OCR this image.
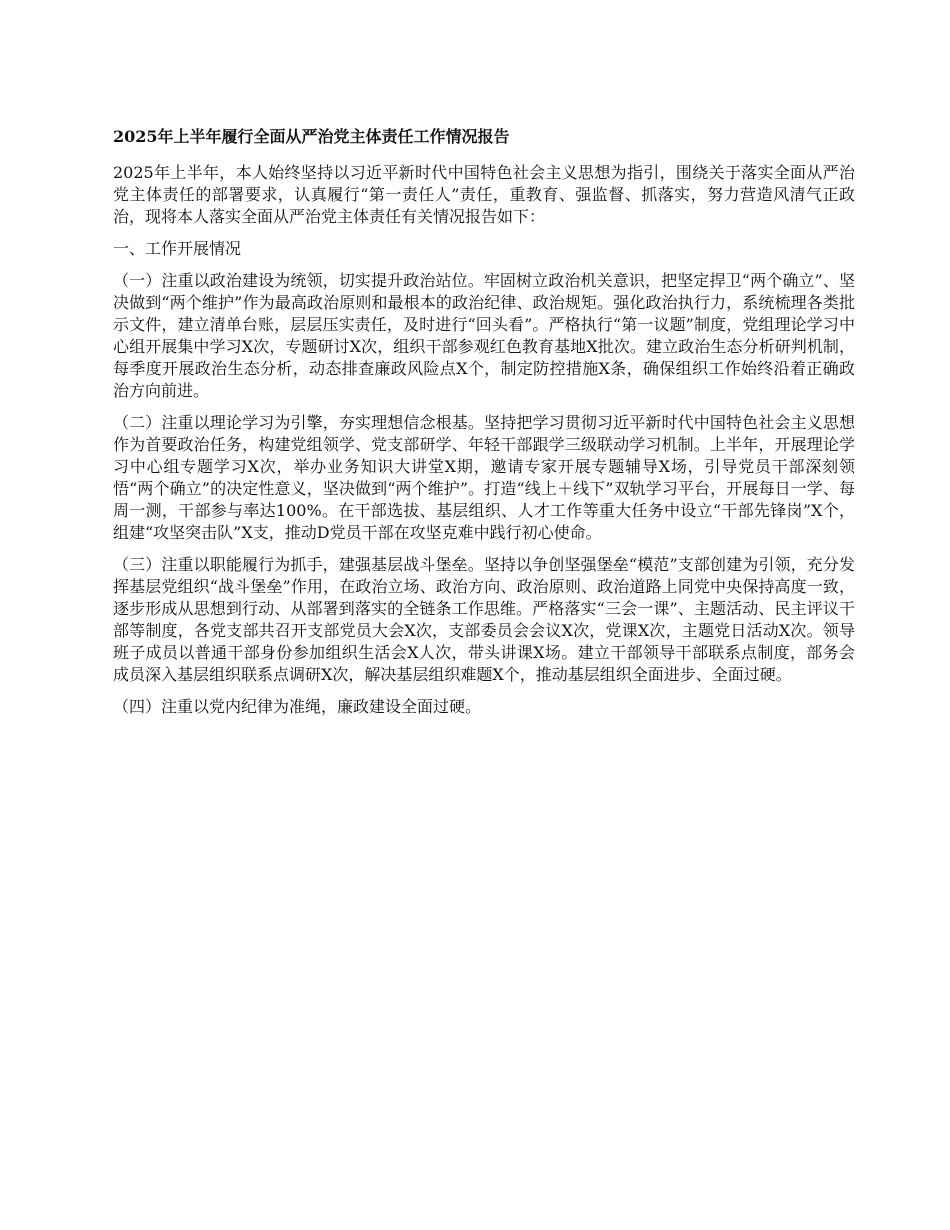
2025年上半年履行全面从严治党主体责任工作情况报告

2025年上半年，本人始终坚持以习近平新时代中国特色社会主义思想为指引，围绕关于落实全面从严治党主体责任的部署要求，认真履行“第一责任人”责任，重教育、强监督、抓落实，努力营造风清气正政治，现将本人落实全面从严治党主体责任有关情况报告如下：

一、工作开展情况

（一）注重以政治建设为统领，切实提升政治站位。牢固树立政治机关意识，把坚定捍卫“两个确立”、坚决做到“两个维护”作为最高政治原则和最根本的政治纪律、政治规矩。强化政治执行力，系统梳理各类批示文件，建立清单台账，层层压实责任，及时进行“回头看”。严格执行“第一议题”制度，党组理论学习中心组开展集中学习X次，专题研讨X次，组织干部参观红色教育基地X批次。建立政治生态分析研判机制，每季度开展政治生态分析，动态排查廉政风险点X个，制定防控措施X条，确保组织工作始终沿着正确政治方向前进。

（二）注重以理论学习为引擎，夯实理想信念根基。坚持把学习贯彻习近平新时代中国特色社会主义思想作为首要政治任务，构建党组领学、党支部研学、年轻干部跟学三级联动学习机制。上半年，开展理论学习中心组专题学习X次，举办业务知识大讲堂X期，邀请专家开展专题辅导X场，引导党员干部深刻领悟“两个确立”的决定性意义，坚决做到“两个维护”。打造“线上＋线下”双轨学习平台，开展每日一学、每周一测，干部参与率达100%。在干部选拔、基层组织、人才工作等重大任务中设立“干部先锋岗”X个，组建“攻坚突击队”X支，推动D党员干部在攻坚克难中践行初心使命。

（三）注重以职能履行为抓手，建强基层战斗堡垒。坚持以争创坚强堡垒“模范”支部创建为引领，充分发挥基层党组织“战斗堡垒”作用，在政治立场、政治方向、政治原则、政治道路上同党中央保持高度一致，逐步形成从思想到行动、从部署到落实的全链条工作思维。严格落实“三会一课”、主题活动、民主评议干部等制度，各党支部共召开支部党员大会X次，支部委员会会议X次，党课X次，主题党日活动X次。领导班子成员以普通干部身份参加组织生活会X人次，带头讲课X场。建立干部领导干部联系点制度，部务会成员深入基层组织联系点调研X次，解决基层组织难题X个，推动基层组织全面进步、全面过硬。

（四）注重以党内纪律为准绳，廉政建设全面过硬。
